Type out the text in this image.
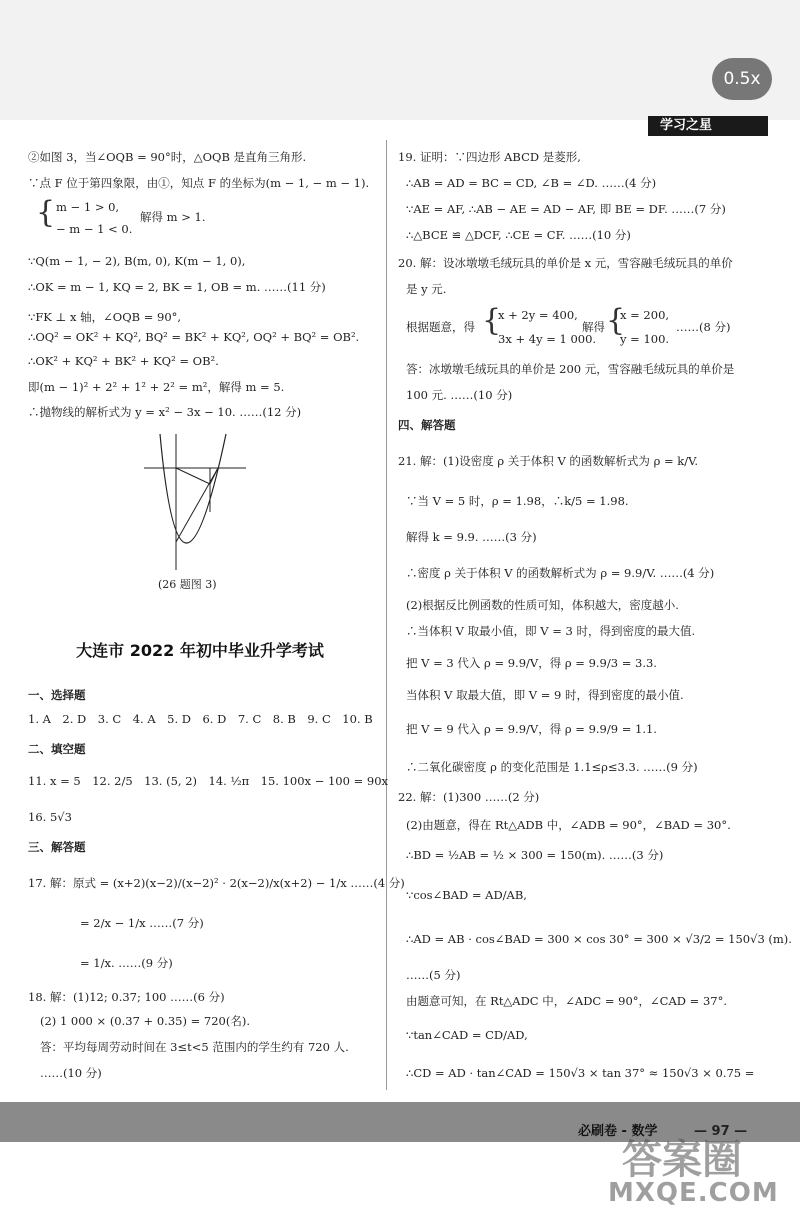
0.5x
学习之星
②如图 3，当∠OQB = 90°时，△OQB 是直角三角形.
∵点 F 位于第四象限，由①，知点 F 的坐标为(m − 1, − m − 1).
{ m − 1 > 0,
− m − 1 < 0.
解得 m > 1.
∵Q(m − 1, − 2), B(m, 0), K(m − 1, 0),
∴OK = m − 1, KQ = 2, BK = 1, OB = m. ……(11 分)
∵FK ⊥ x 轴，∠OQB = 90°,
∴OQ² = OK² + KQ², BQ² = BK² + KQ², OQ² + BQ² = OB².
∴OK² + KQ² + BK² + KQ² = OB².
即(m − 1)² + 2² + 1² + 2² = m²，解得 m = 5.
∴抛物线的解析式为 y = x² − 3x − 10. ……(12 分)
(26 题图 3)
大连市 2022 年初中毕业升学考试
一、选择题
1. A　2. D　3. C　4. A　5. D　6. D　7. C　8. B　9. C　10. B
二、填空题
11. x = 5　12. 2/5　13. (5, 2)　14. ½π　15. 100x − 100 = 90x
16. 5√3
三、解答题
17. 解：原式 = (x+2)(x−2)/(x−2)² · 2(x−2)/x(x+2) − 1/x ……(4 分)
= 2/x − 1/x ……(7 分)
= 1/x. ……(9 分)
18. 解：(1)12; 0.37; 100 ……(6 分)
(2) 1 000 × (0.37 + 0.35) = 720(名).
答：平均每周劳动时间在 3≤t<5 范围内的学生约有 720 人.
……(10 分)
19. 证明：∵四边形 ABCD 是菱形,
∴AB = AD = BC = CD, ∠B = ∠D. ……(4 分)
∵AE = AF, ∴AB − AE = AD − AF, 即 BE = DF. ……(7 分)
∴△BCE ≌ △DCF, ∴CE = CF. ……(10 分)
20. 解：设冰墩墩毛绒玩具的单价是 x 元，雪容融毛绒玩具的单价
是 y 元.
根据题意，得 {
x + 2y = 400,
3x + 4y = 1 000.
解得 {
x = 200,
y = 100.
……(8 分)
答：冰墩墩毛绒玩具的单价是 200 元，雪容融毛绒玩具的单价是
100 元. ……(10 分)
四、解答题
21. 解：(1)设密度 ρ 关于体积 V 的函数解析式为 ρ = k/V.
∵当 V = 5 时，ρ = 1.98，∴k/5 = 1.98.
解得 k = 9.9. ……(3 分)
∴密度 ρ 关于体积 V 的函数解析式为 ρ = 9.9/V. ……(4 分)
(2)根据反比例函数的性质可知，体积越大，密度越小.
∴当体积 V 取最小值，即 V = 3 时，得到密度的最大值.
把 V = 3 代入 ρ = 9.9/V，得 ρ = 9.9/3 = 3.3.
当体积 V 取最大值，即 V = 9 时，得到密度的最小值.
把 V = 9 代入 ρ = 9.9/V，得 ρ = 9.9/9 = 1.1.
∴二氧化碳密度 ρ 的变化范围是 1.1≤ρ≤3.3. ……(9 分)
22. 解：(1)300 ……(2 分)
(2)由题意，得在 Rt△ADB 中，∠ADB = 90°，∠BAD = 30°.
∴BD = ½AB = ½ × 300 = 150(m). ……(3 分)
∵cos∠BAD = AD/AB,
∴AD = AB · cos∠BAD = 300 × cos 30° = 300 × √3/2 = 150√3 (m).
……(5 分)
由题意可知，在 Rt△ADC 中，∠ADC = 90°，∠CAD = 37°.
∵tan∠CAD = CD/AD,
∴CD = AD · tan∠CAD = 150√3 × tan 37° ≈ 150√3 × 0.75 =
必刷卷 - 数学	— 97 —
答案圈
MXQE.COM
